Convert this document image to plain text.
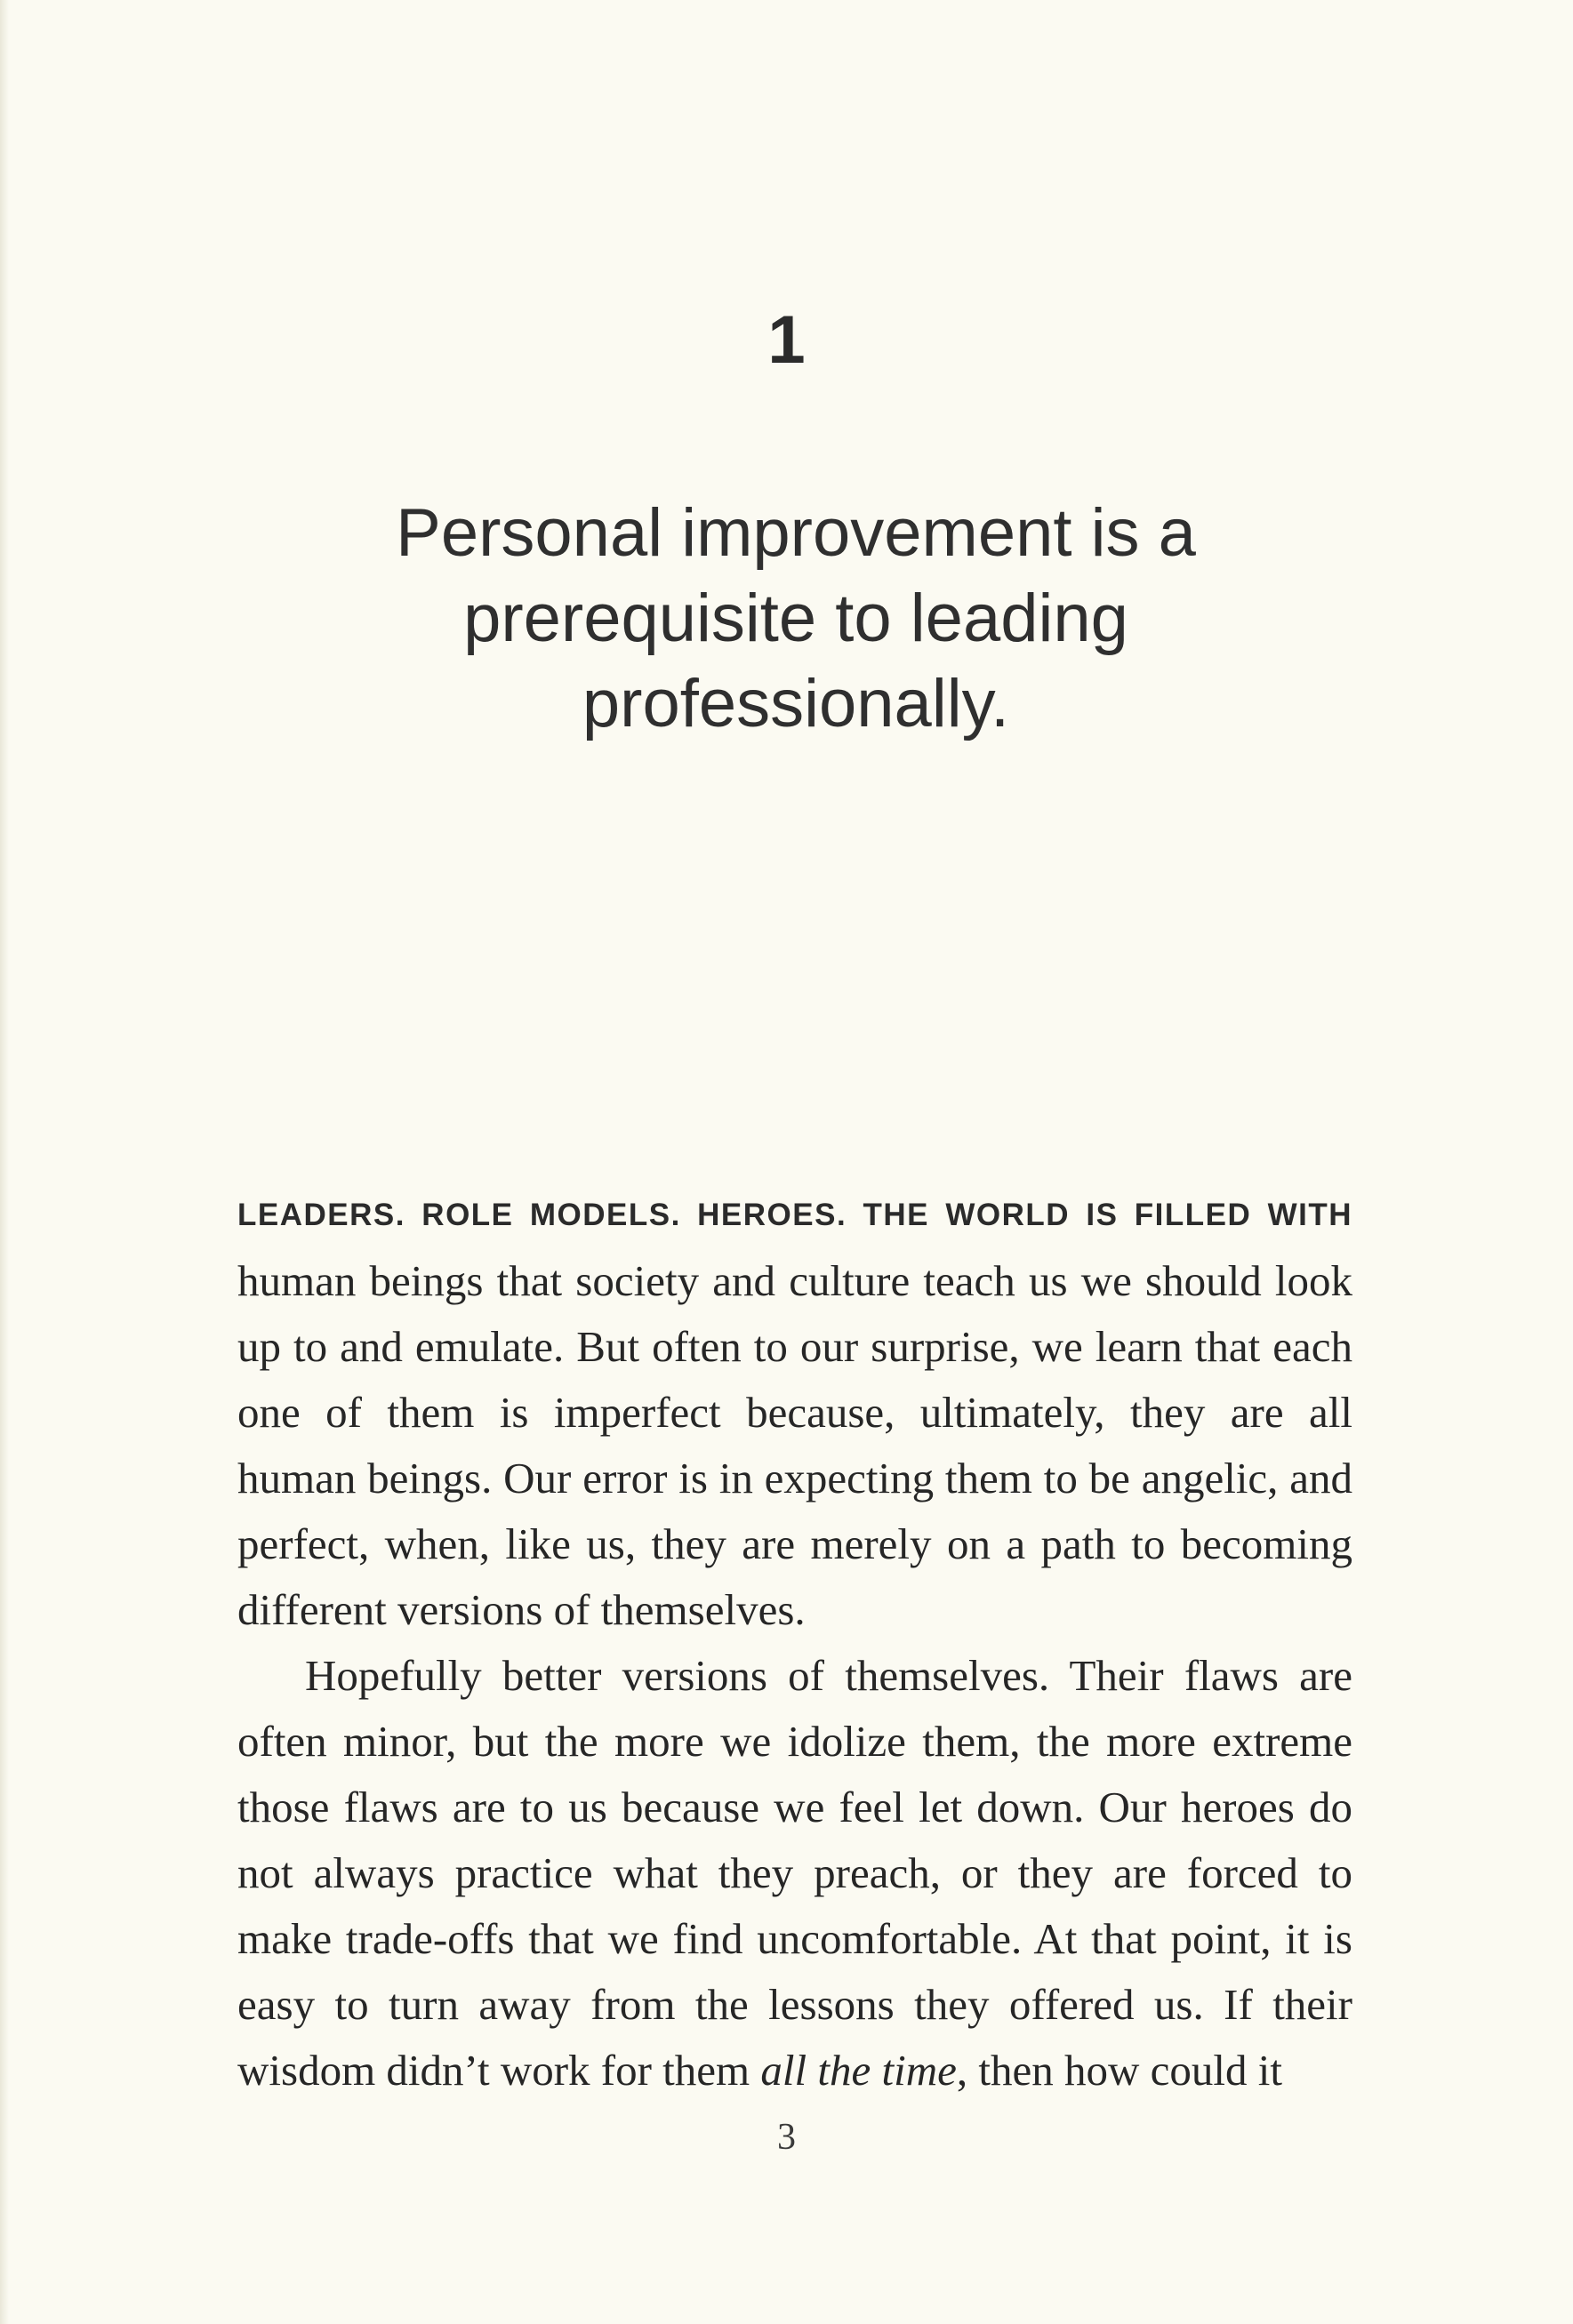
1
Personal improvement is a prerequisite to leading professionally.

LEADERS. ROLE MODELS. HEROES. THE WORLD IS FILLED WITH human beings that society and culture teach us we should look up to and emulate. But often to our surprise, we learn that each one of them is imperfect because, ultimately, they are all human beings. Our error is in expecting them to be angelic, and perfect, when, like us, they are merely on a path to becoming different versions of themselves.

Hopefully better versions of themselves. Their flaws are often minor, but the more we idolize them, the more extreme those flaws are to us because we feel let down. Our heroes do not always practice what they preach, or they are forced to make trade-offs that we find uncomfortable. At that point, it is easy to turn away from the lessons they offered us. If their wisdom didn’t work for them all the time, then how could it

3
